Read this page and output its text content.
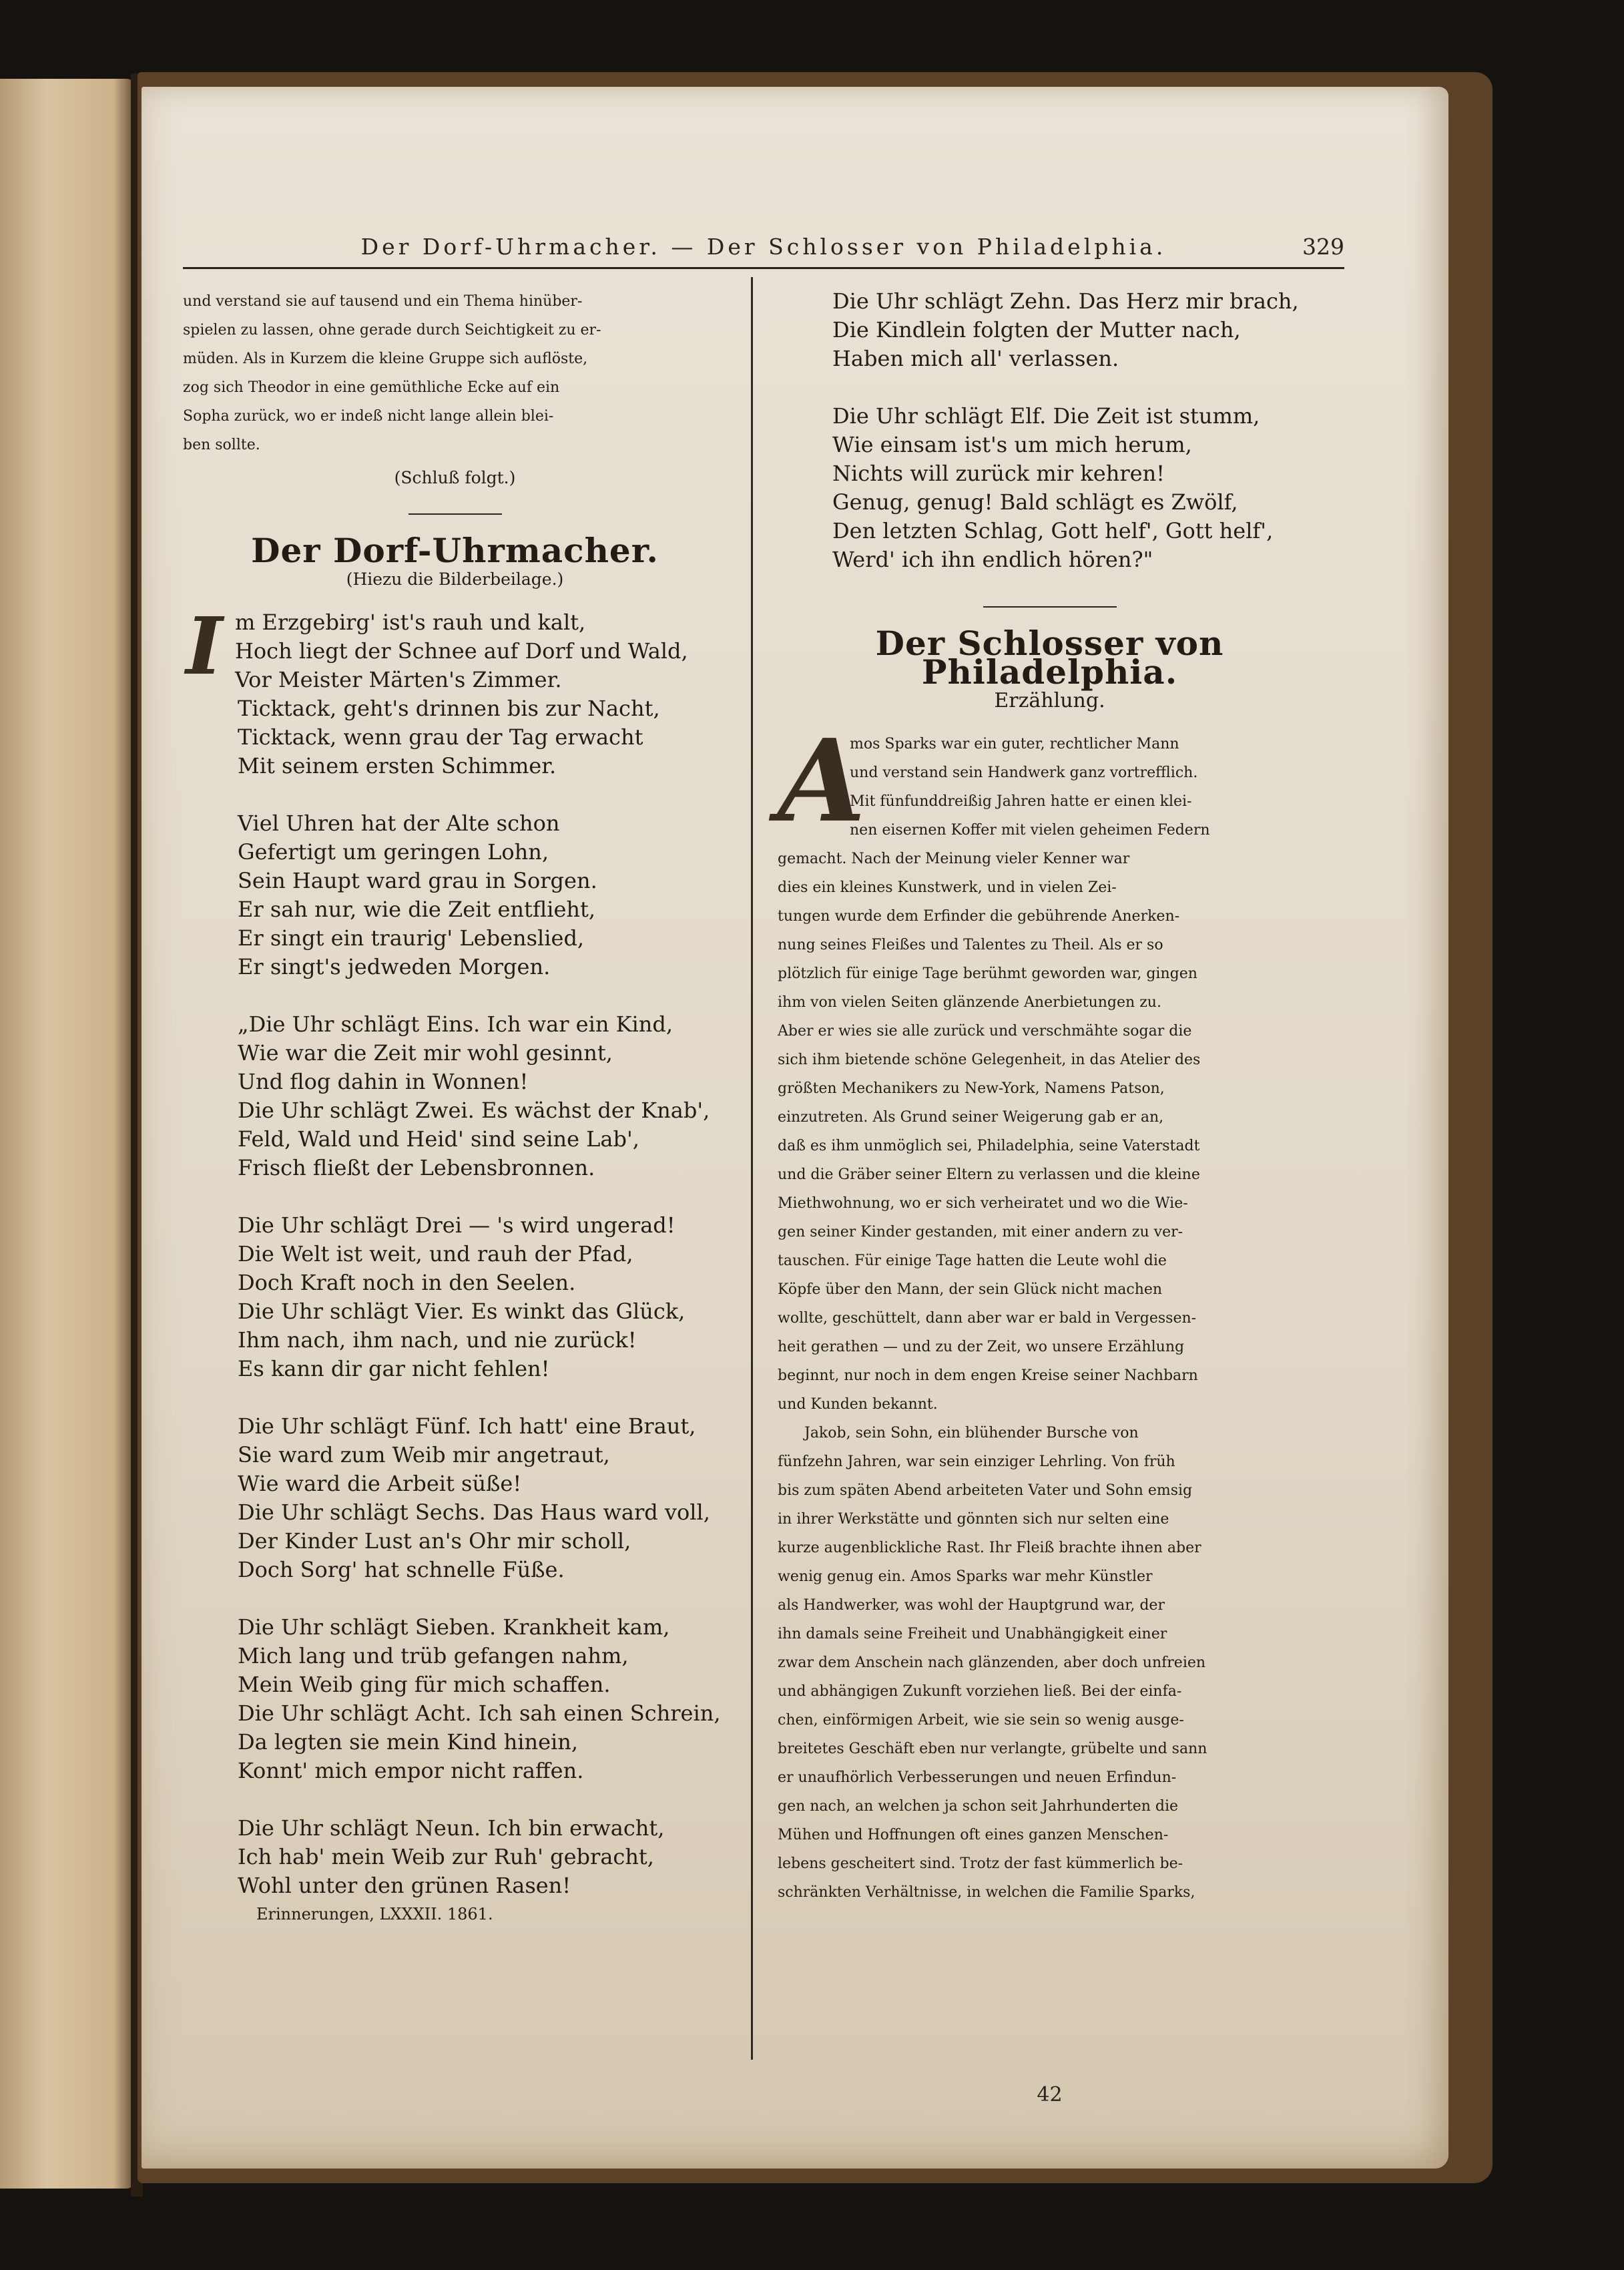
Der Dorf-Uhrmacher. — Der Schlosser von Philadelphia.	329

und verstand sie auf tausend und ein Thema hinüber-

spielen zu lassen, ohne gerade durch Seichtigkeit zu er-

müden. Als in Kurzem die kleine Gruppe sich auflöste,

zog sich Theodor in eine gemüthliche Ecke auf ein

Sopha zurück, wo er indeß nicht lange allein blei-

ben sollte.

(Schluß folgt.)

Der Dorf-Uhrmacher.

(Hiezu die Bilderbeilage.)

I m Erzgebirg' ist's rauh und kalt,

Hoch liegt der Schnee auf Dorf und Wald,

Vor Meister Märten's Zimmer.

Ticktack, geht's drinnen bis zur Nacht,

Ticktack, wenn grau der Tag erwacht

Mit seinem ersten Schimmer.

Viel Uhren hat der Alte schon

Gefertigt um geringen Lohn,

Sein Haupt ward grau in Sorgen.

Er sah nur, wie die Zeit entflieht,

Er singt ein traurig' Lebenslied,

Er singt's jedweden Morgen.

„Die Uhr schlägt Eins. Ich war ein Kind,

Wie war die Zeit mir wohl gesinnt,

Und flog dahin in Wonnen!

Die Uhr schlägt Zwei. Es wächst der Knab',

Feld, Wald und Heid' sind seine Lab',

Frisch fließt der Lebensbronnen.

Die Uhr schlägt Drei — 's wird ungerad!

Die Welt ist weit, und rauh der Pfad,

Doch Kraft noch in den Seelen.

Die Uhr schlägt Vier. Es winkt das Glück,

Ihm nach, ihm nach, und nie zurück!

Es kann dir gar nicht fehlen!

Die Uhr schlägt Fünf. Ich hatt' eine Braut,

Sie ward zum Weib mir angetraut,

Wie ward die Arbeit süße!

Die Uhr schlägt Sechs. Das Haus ward voll,

Der Kinder Lust an's Ohr mir scholl,

Doch Sorg' hat schnelle Füße.

Die Uhr schlägt Sieben. Krankheit kam,

Mich lang und trüb gefangen nahm,

Mein Weib ging für mich schaffen.

Die Uhr schlägt Acht. Ich sah einen Schrein,

Da legten sie mein Kind hinein,

Konnt' mich empor nicht raffen.

Die Uhr schlägt Neun. Ich bin erwacht,

Ich hab' mein Weib zur Ruh' gebracht,

Wohl unter den grünen Rasen!

Erinnerungen, LXXXII. 1861.

Die Uhr schlägt Zehn. Das Herz mir brach,

Die Kindlein folgten der Mutter nach,

Haben mich all' verlassen.

Die Uhr schlägt Elf. Die Zeit ist stumm,

Wie einsam ist's um mich herum,

Nichts will zurück mir kehren!

Genug, genug! Bald schlägt es Zwölf,

Den letzten Schlag, Gott helf', Gott helf',

Werd' ich ihn endlich hören?"

Der Schlosser von Philadelphia.

Erzählung.

A

mos Sparks war ein guter, rechtlicher Mann

und verstand sein Handwerk ganz vortrefflich.

Mit fünfunddreißig Jahren hatte er einen klei-

nen eisernen Koffer mit vielen geheimen Federn

gemacht. Nach der Meinung vieler Kenner war

dies ein kleines Kunstwerk, und in vielen Zei-

tungen wurde dem Erfinder die gebührende Anerken-

nung seines Fleißes und Talentes zu Theil. Als er so

plötzlich für einige Tage berühmt geworden war, gingen

ihm von vielen Seiten glänzende Anerbietungen zu.

Aber er wies sie alle zurück und verschmähte sogar die

sich ihm bietende schöne Gelegenheit, in das Atelier des

größten Mechanikers zu New-York, Namens Patson,

einzutreten. Als Grund seiner Weigerung gab er an,

daß es ihm unmöglich sei, Philadelphia, seine Vaterstadt

und die Gräber seiner Eltern zu verlassen und die kleine

Miethwohnung, wo er sich verheiratet und wo die Wie-

gen seiner Kinder gestanden, mit einer andern zu ver-

tauschen. Für einige Tage hatten die Leute wohl die

Köpfe über den Mann, der sein Glück nicht machen

wollte, geschüttelt, dann aber war er bald in Vergessen-

heit gerathen — und zu der Zeit, wo unsere Erzählung

beginnt, nur noch in dem engen Kreise seiner Nachbarn

und Kunden bekannt.

Jakob, sein Sohn, ein blühender Bursche von

fünfzehn Jahren, war sein einziger Lehrling. Von früh

bis zum späten Abend arbeiteten Vater und Sohn emsig

in ihrer Werkstätte und gönnten sich nur selten eine

kurze augenblickliche Rast. Ihr Fleiß brachte ihnen aber

wenig genug ein. Amos Sparks war mehr Künstler

als Handwerker, was wohl der Hauptgrund war, der

ihn damals seine Freiheit und Unabhängigkeit einer

zwar dem Anschein nach glänzenden, aber doch unfreien

und abhängigen Zukunft vorziehen ließ. Bei der einfa-

chen, einförmigen Arbeit, wie sie sein so wenig ausge-

breitetes Geschäft eben nur verlangte, grübelte und sann

er unaufhörlich Verbesserungen und neuen Erfindun-

gen nach, an welchen ja schon seit Jahrhunderten die

Mühen und Hoffnungen oft eines ganzen Menschen-

lebens gescheitert sind. Trotz der fast kümmerlich be-

schränkten Verhältnisse, in welchen die Familie Sparks,

42
